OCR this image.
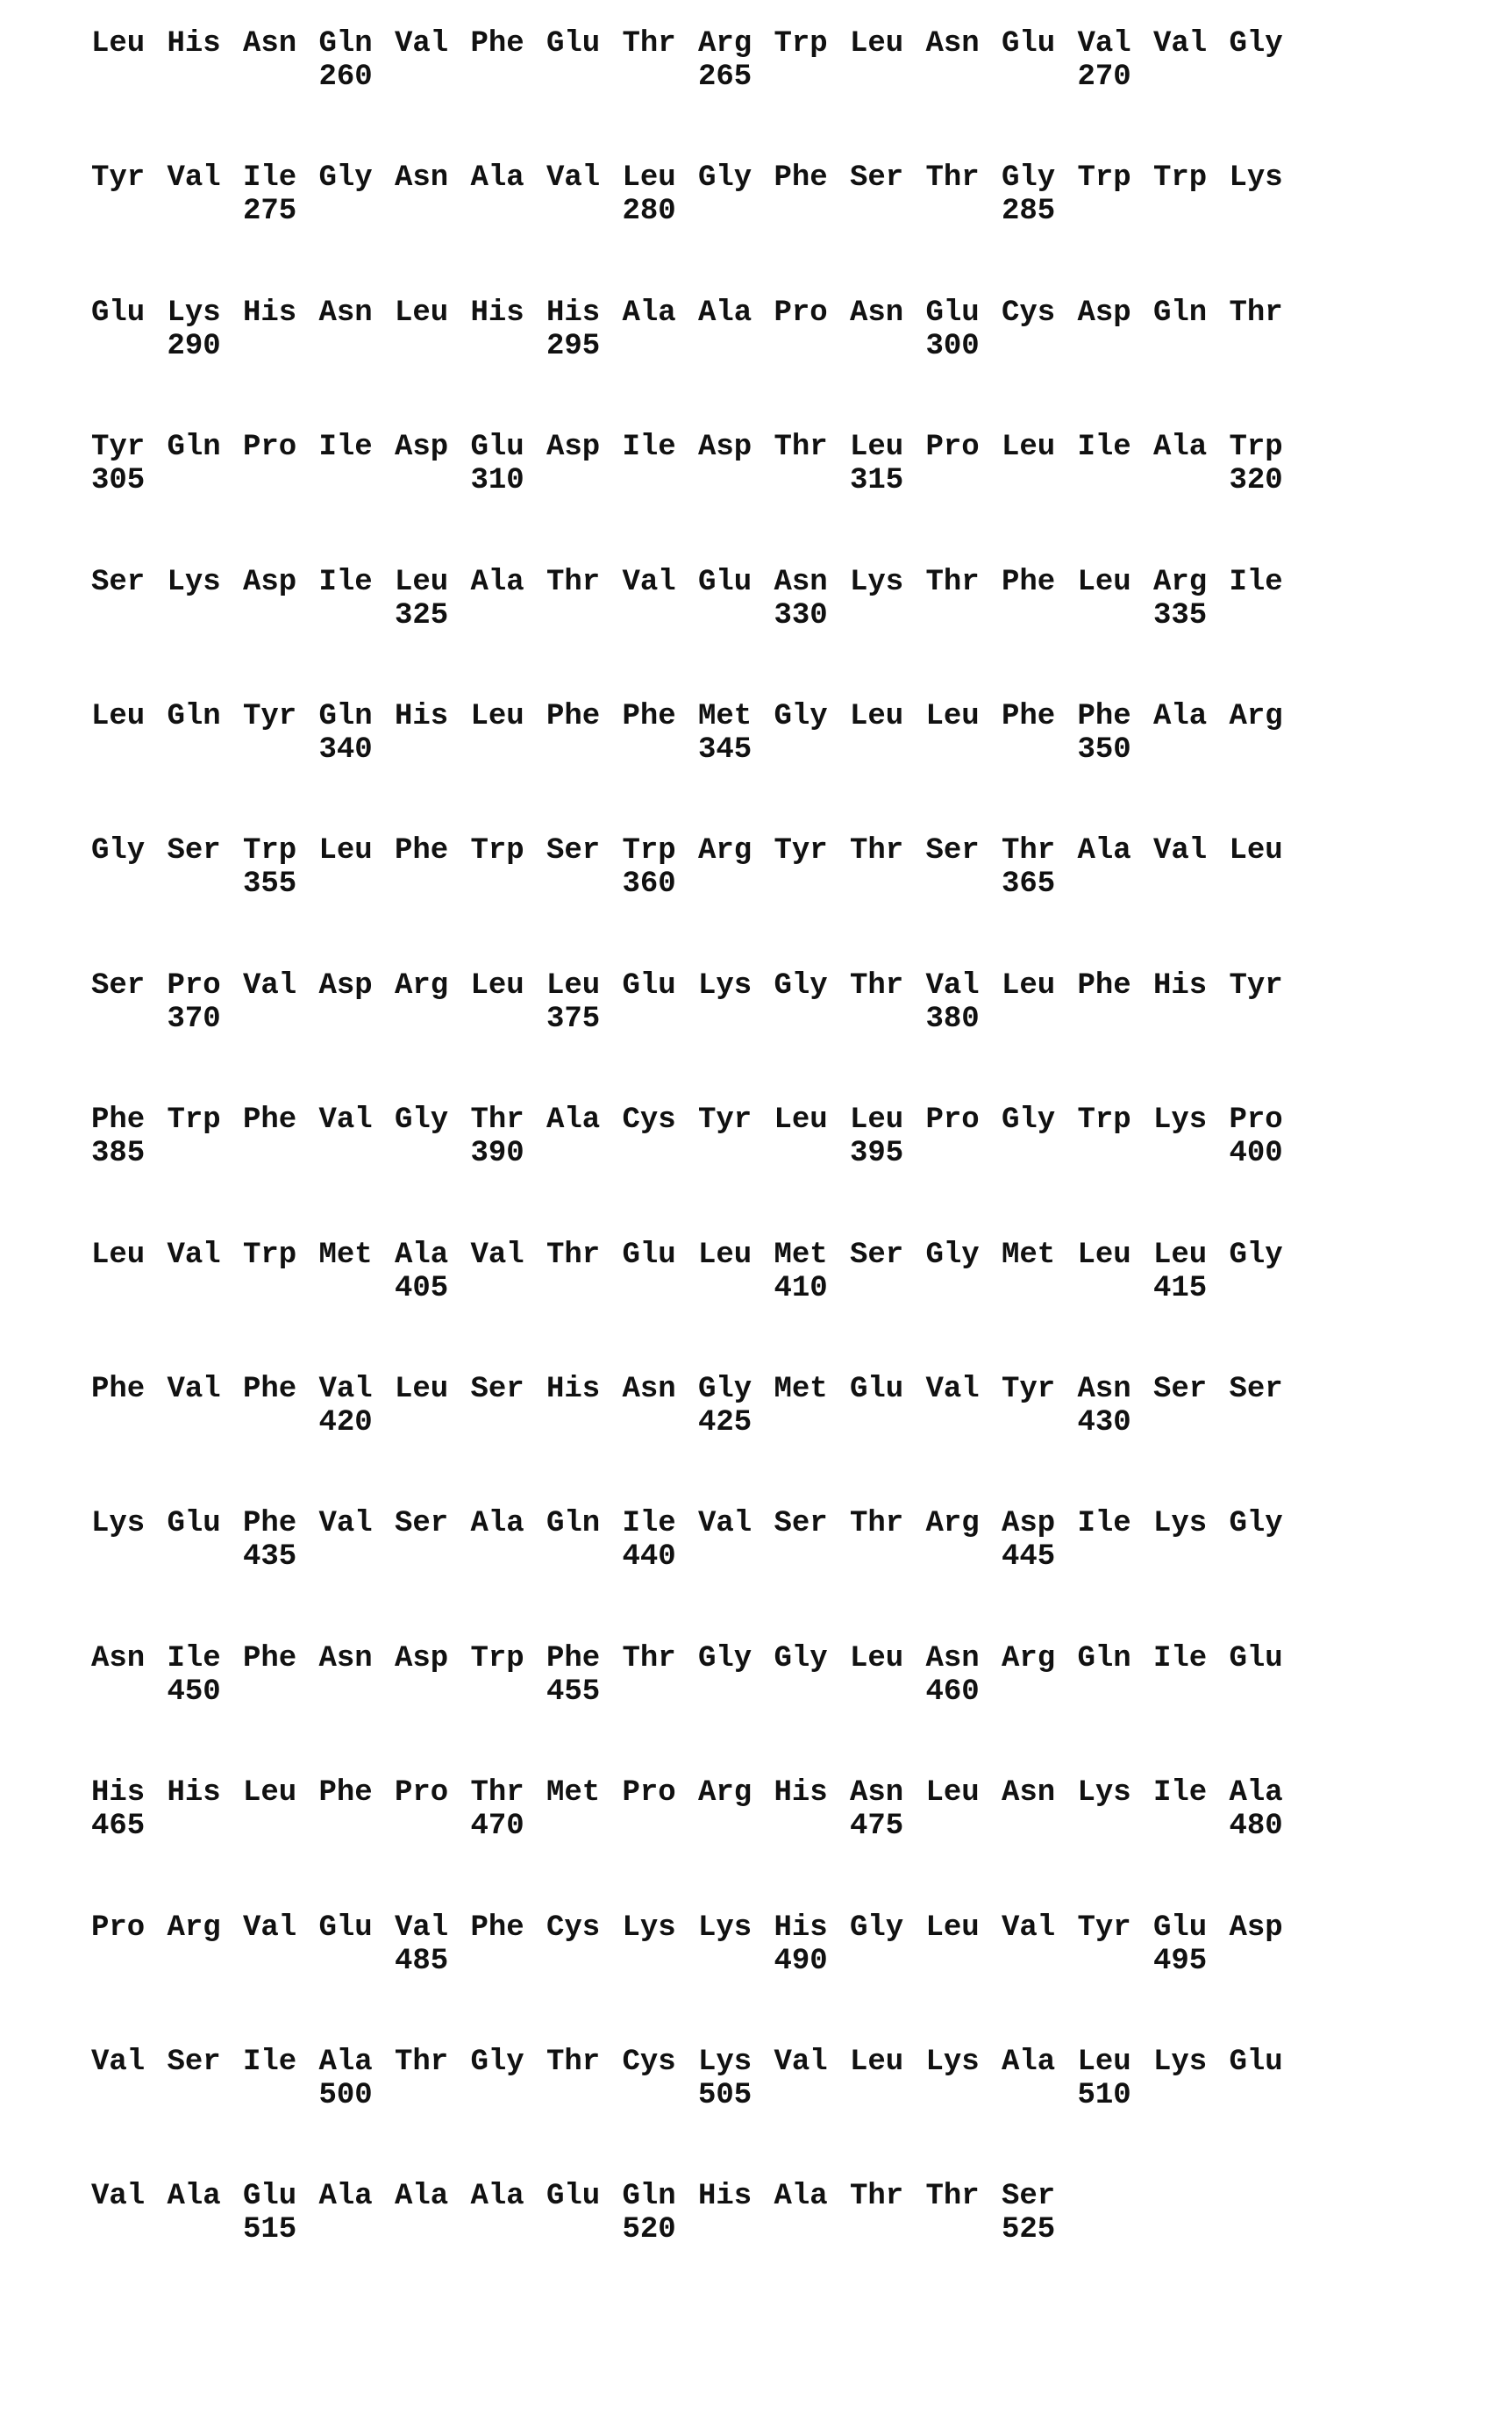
Leu His Asn Gln Val Phe Glu Thr Arg Trp Leu Asn Glu Val Val Gly
260	265	270
Tyr Val Ile Gly Asn Ala Val Leu Gly Phe Ser Thr Gly Trp Trp Lys
275	280	285
Glu Lys His Asn Leu His His Ala Ala Pro Asn Glu Cys Asp Gln Thr
290	295	300
Tyr Gln Pro Ile Asp Glu Asp Ile Asp Thr Leu Pro Leu Ile Ala Trp
305	310	315	320
Ser Lys Asp Ile Leu Ala Thr Val Glu Asn Lys Thr Phe Leu Arg Ile
325	330	335
Leu Gln Tyr Gln His Leu Phe Phe Met Gly Leu Leu Phe Phe Ala Arg
340	345	350
Gly Ser Trp Leu Phe Trp Ser Trp Arg Tyr Thr Ser Thr Ala Val Leu
355	360	365
Ser Pro Val Asp Arg Leu Leu Glu Lys Gly Thr Val Leu Phe His Tyr
370	375	380
Phe Trp Phe Val Gly Thr Ala Cys Tyr Leu Leu Pro Gly Trp Lys Pro
385	390	395	400
Leu Val Trp Met Ala Val Thr Glu Leu Met Ser Gly Met Leu Leu Gly
405	410	415
Phe Val Phe Val Leu Ser His Asn Gly Met Glu Val Tyr Asn Ser Ser
420	425	430
Lys Glu Phe Val Ser Ala Gln Ile Val Ser Thr Arg Asp Ile Lys Gly
435	440	445
Asn Ile Phe Asn Asp Trp Phe Thr Gly Gly Leu Asn Arg Gln Ile Glu
450	455	460
His His Leu Phe Pro Thr Met Pro Arg His Asn Leu Asn Lys Ile Ala
465	470	475	480
Pro Arg Val Glu Val Phe Cys Lys Lys His Gly Leu Val Tyr Glu Asp
485	490	495
Val Ser Ile Ala Thr Gly Thr Cys Lys Val Leu Lys Ala Leu Lys Glu
500	505	510
Val Ala Glu Ala Ala Ala Glu Gln His Ala Thr Thr Ser
515	520	525
